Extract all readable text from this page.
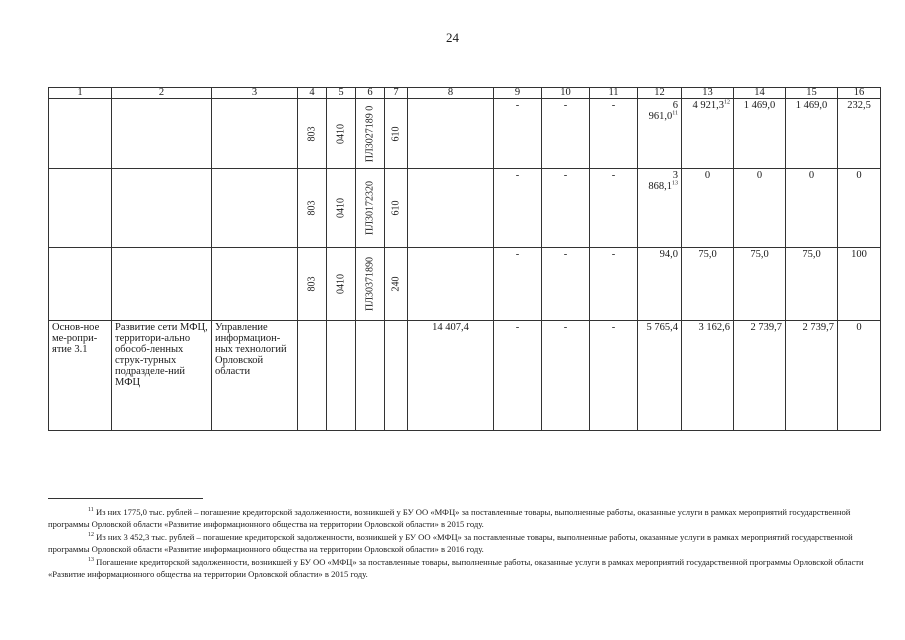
24
1	2	3	4	5	6	7	8	9	10	11	12	13	14	15	16

			803	0410	ПЛ3027189 0	610		-	-	-	6 961,0$^{11}$	4 921,3$^{12}$	1 469,0	1 469,0	232,5

			803	0410	ПЛ30172320	610		-	-	-	3 868,1$^{13}$	0	0	0	0

			803	0410	ПЛ30371890	240		-	-	-	94,0	75,0	75,0	75,0	100
Основ-ное ме-ропри-ятие 3.1	Развитие сети МФЦ, территори-ально обособ-ленных струк-турных подразделе-ний МФЦ	Управление информацион-ных технологий Орловской области					14 407,4	-	-	-	5 765,4	3 162,6	2 739,7	2 739,7	0

$^{11}$ Из них 1775,0 тыс. рублей – погашение кредиторской задолженности, возникшей у БУ ОО «МФЦ» за поставленные товары, выполненные работы, оказанные услуги в рамках мероприятий государственной программы Орловской области «Развитие информационного общества на территории Орловской области» в 2015 году.

$^{12}$ Из них 3 452,3 тыс. рублей – погашение кредиторской задолженности, возникшей у БУ ОО «МФЦ» за поставленные товары, выполненные работы, оказанные услуги в рамках мероприятий государственной программы Орловской области «Развитие информационного общества на территории Орловской области» в 2016 году.

$^{13}$ Погашение кредиторской задолженности, возникшей у БУ ОО «МФЦ» за поставленные товары, выполненные работы, оказанные услуги в рамках мероприятий государственной программы Орловской области «Развитие информационного общества на территории Орловской области» в 2015 году.
